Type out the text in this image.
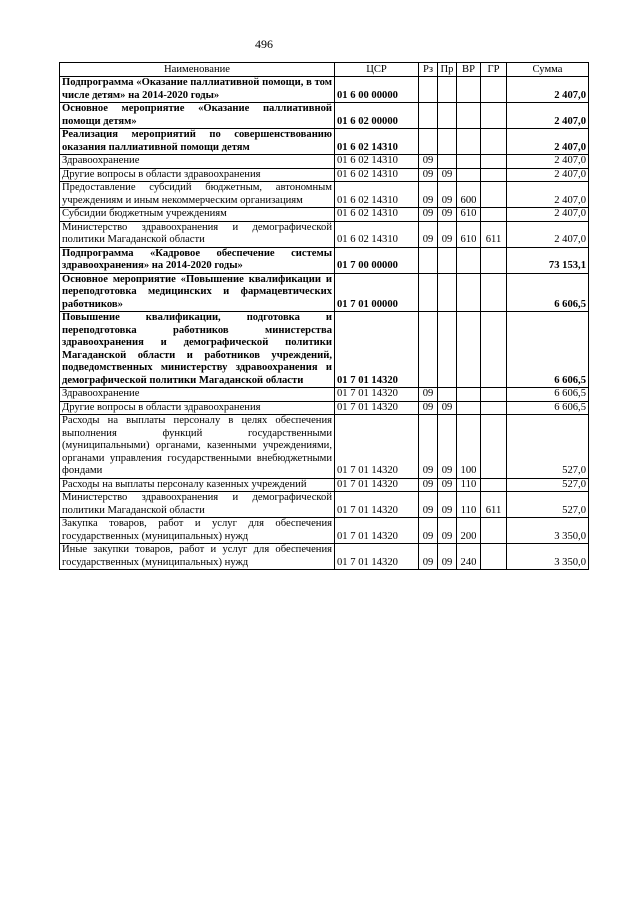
496
Наименование	ЦСР	Рз	Пр	ВР	ГР	Сумма
Подпрограмма «Оказание паллиативной помощи, в том числе детям» на 2014-2020 годы»	01 6 00 00000					2 407,0
Основное мероприятие «Оказание паллиативной помощи детям»	01 6 02 00000					2 407,0
Реализация мероприятий по совершенствованию оказания паллиативной помощи детям	01 6 02 14310					2 407,0
Здравоохранение	01 6 02 14310	09				2 407,0
Другие вопросы в области здравоохранения	01 6 02 14310	09	09			2 407,0
Предоставление субсидий бюджетным, автономным учреждениям и иным некоммерческим организациям	01 6 02 14310	09	09	600		2 407,0
Субсидии бюджетным учреждениям	01 6 02 14310	09	09	610		2 407,0
Министерство здравоохранения и демографической политики Магаданской области	01 6 02 14310	09	09	610	611	2 407,0
Подпрограмма «Кадровое обеспечение системы здравоохранения» на 2014-2020 годы»	01 7 00 00000					73 153,1
Основное мероприятие «Повышение квалификации и переподготовка медицинских и фармацевтических работников»	01 7 01 00000					6 606,5
Повышение квалификации, подготовка и переподготовка работников министерства здравоохранения и демографической политики Магаданской области и работников учреждений, подведомственных министерству здравоохранения и демографической политики Магаданской области	01 7 01 14320					6 606,5
Здравоохранение	01 7 01 14320	09				6 606,5
Другие вопросы в области здравоохранения	01 7 01 14320	09	09			6 606,5
Расходы на выплаты персоналу в целях обеспечения выполнения функций государственными (муниципальными) органами, казенными учреждениями, органами управления государственными внебюджетными фондами	01 7 01 14320	09	09	100		527,0
Расходы на выплаты персоналу казенных учреждений	01 7 01 14320	09	09	110		527,0
Министерство здравоохранения и демографической политики Магаданской области	01 7 01 14320	09	09	110	611	527,0
Закупка товаров, работ и услуг для обеспечения государственных (муниципальных) нужд	01 7 01 14320	09	09	200		3 350,0
Иные закупки товаров, работ и услуг для обеспечения государственных (муниципальных) нужд	01 7 01 14320	09	09	240		3 350,0
